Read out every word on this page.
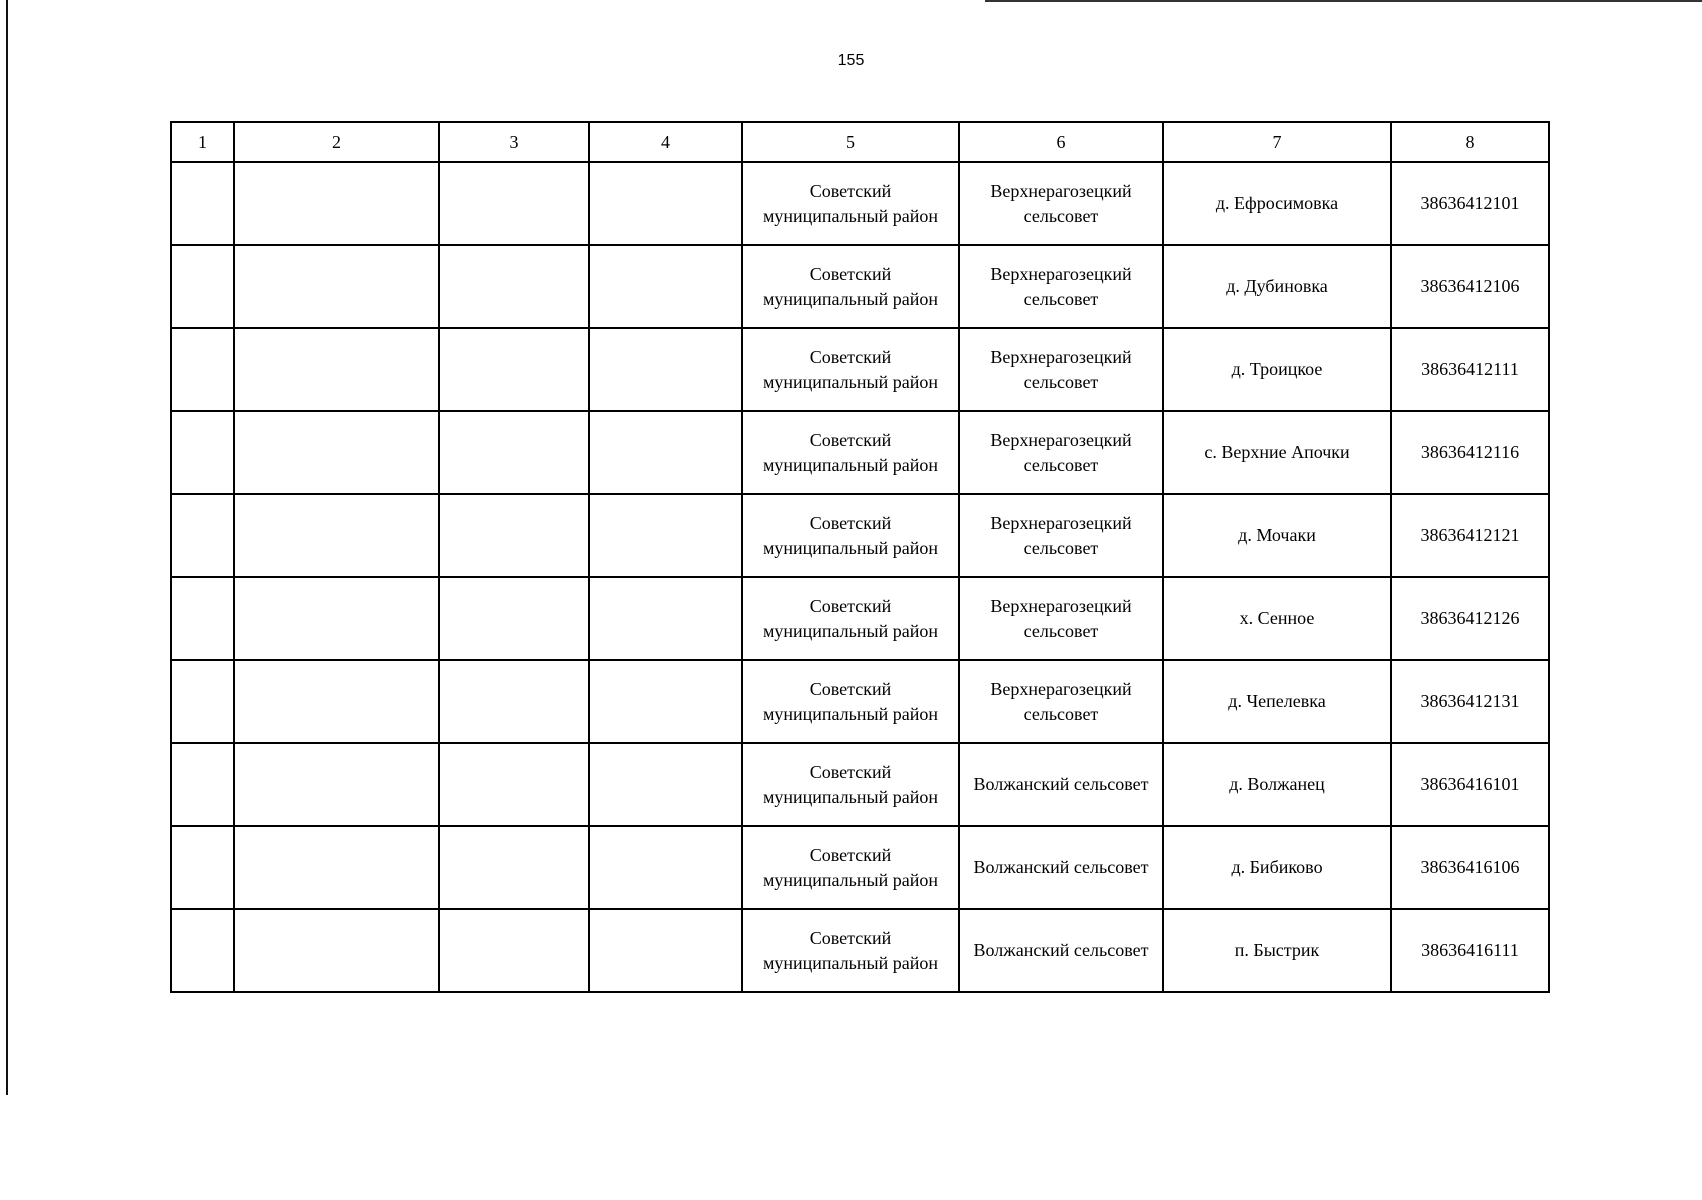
155
1	2	3	4	5	6	7	8
				Советский муниципальный район	Верхнерагозецкий сельсовет	д. Ефросимовка	38636412101
				Советский муниципальный район	Верхнерагозецкий сельсовет	д. Дубиновка	38636412106
				Советский муниципальный район	Верхнерагозецкий сельсовет	д. Троицкое	38636412111
				Советский муниципальный район	Верхнерагозецкий сельсовет	с. Верхние Апочки	38636412116
				Советский муниципальный район	Верхнерагозецкий сельсовет	д. Мочаки	38636412121
				Советский муниципальный район	Верхнерагозецкий сельсовет	х. Сенное	38636412126
				Советский муниципальный район	Верхнерагозецкий сельсовет	д. Чепелевка	38636412131
				Советский муниципальный район	Волжанский сельсовет	д. Волжанец	38636416101
				Советский муниципальный район	Волжанский сельсовет	д. Бибиково	38636416106
				Советский муниципальный район	Волжанский сельсовет	п. Быстрик	38636416111
